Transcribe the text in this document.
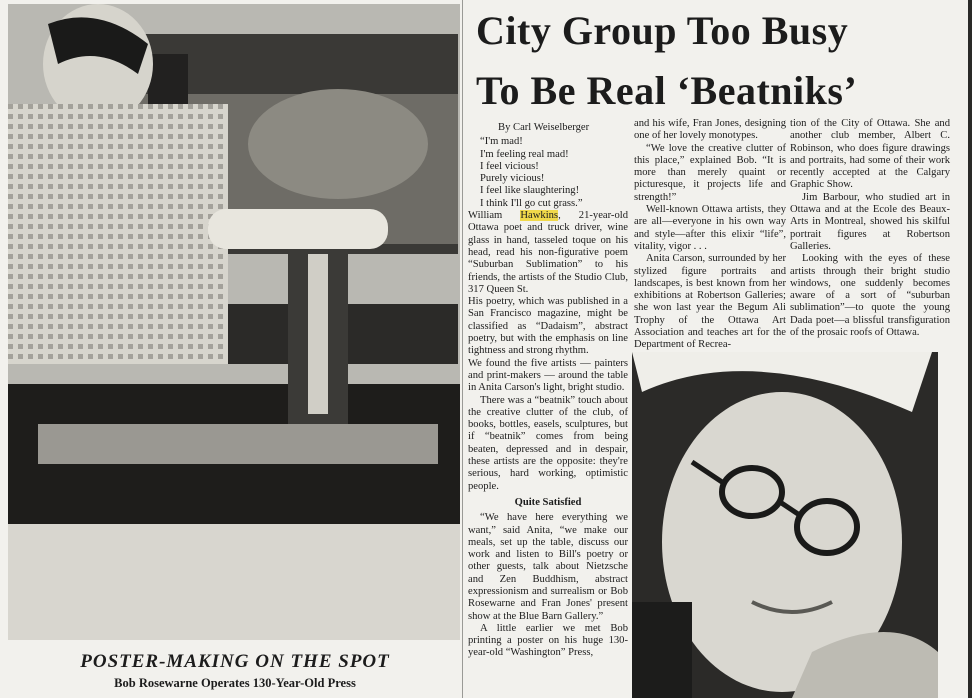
POSTER-MAKING ON THE SPOT
Bob Rosewarne Operates 130-Year-Old Press
City Group Too Busy
To Be Real ‘Beatniks’

By Carl Weiselberger

“I'm mad!
I'm feeling real mad!
I feel vicious!
Purely vicious!
I feel like slaughtering!
I think I'll go cut grass.”

William Hawkins, 21-year-old Ottawa poet and truck driver, wine glass in hand, tasseled toque on his head, read his non-figurative poem “Suburban Sublimation” to his friends, the artists of the Studio Club, 317 Queen St.

His poetry, which was published in a San Francisco magazine, might be classified as “Dadaism”, abstract poetry, but with the emphasis on line tightness and strong rhythm.

We found the five artists — painters and print-makers — around the table in Anita Carson's light, bright studio.

There was a “beatnik” touch about the creative clutter of the club, of books, bottles, easels, sculptures, but if “beatnik” comes from being beaten, depressed and in despair, these artists are the opposite: they're serious, hard working, optimistic people.

Quite Satisfied

“We have here everything we want,” said Anita, “we make our meals, set up the table, discuss our work and listen to Bill's poetry or other guests, talk about Nietzsche and Zen Buddhism, abstract expressionism and surrealism or Bob Rosewarne and Fran Jones' present show at the Blue Barn Gallery.”

A little earlier we met Bob printing a poster on his huge 130-year-old “Washington” Press,

and his wife, Fran Jones, designing one of her lovely monotypes.

“We love the creative clutter of this place,” explained Bob. “It is more than merely quaint or picturesque, it projects life and strength!”

Well-known Ottawa artists, they are all—everyone in his own way and style—after this elixir “life”, vitality, vigor . . .

Anita Carson, surrounded by her stylized figure portraits and landscapes, is best known from her exhibitions at Robertson Galleries; she won last year the Begum Ali Trophy of the Ottawa Art Association and teaches art for the Department of Recrea-

tion of the City of Ottawa. She and another club member, Albert C. Robinson, who does figure drawings and portraits, had some of their work recently accepted at the Calgary Graphic Show.

Jim Barbour, who studied art in Ottawa and at the Ecole des Beaux-Arts in Montreal, showed his skilful portrait figures at Robertson Galleries.

Looking with the eyes of these artists through their bright studio windows, one suddenly becomes aware of a sort of “suburban sublimation”—to quote the young Dada poet—a blissful transfiguration of the prosaic roofs of Ottawa.
